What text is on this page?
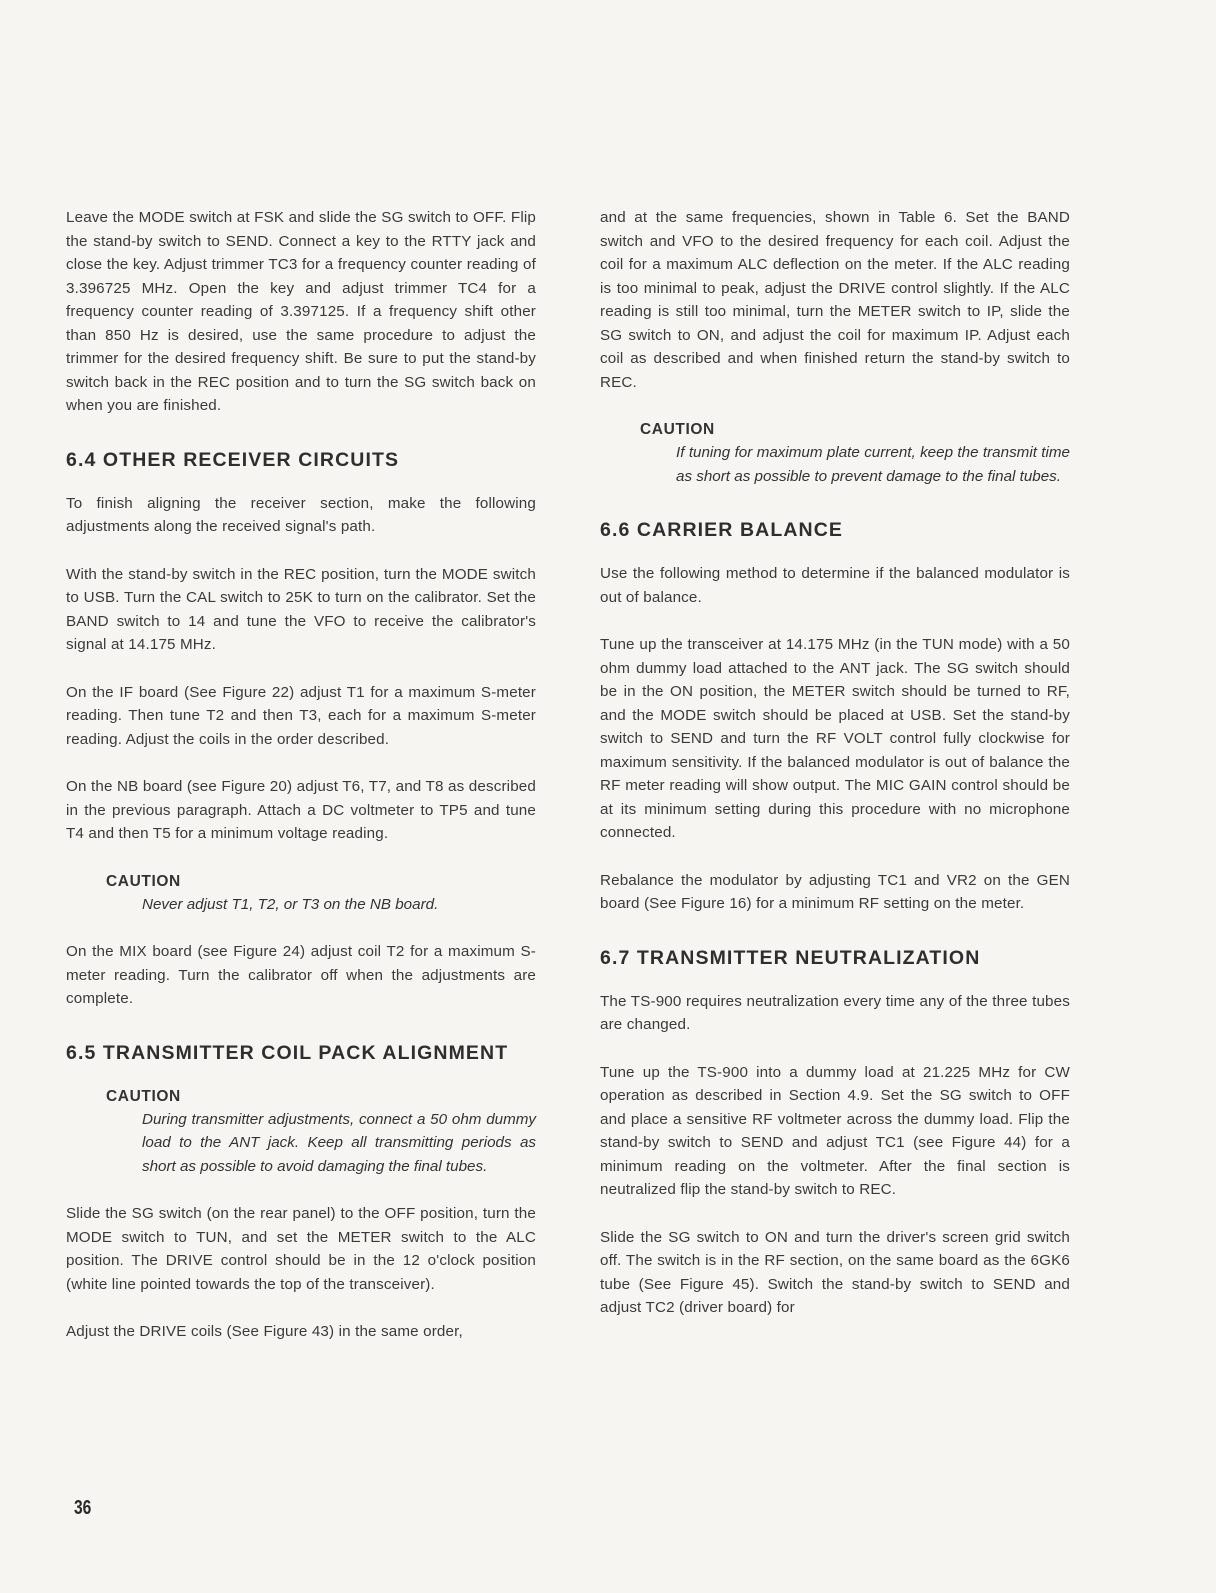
Leave the MODE switch at FSK and slide the SG switch to OFF. Flip the stand-by switch to SEND. Connect a key to the RTTY jack and close the key. Adjust trimmer TC3 for a frequency counter reading of 3.396725 MHz. Open the key and adjust trimmer TC4 for a frequency counter reading of 3.397125. If a frequency shift other than 850 Hz is desired, use the same procedure to adjust the trimmer for the desired frequency shift. Be sure to put the stand-by switch back in the REC position and to turn the SG switch back on when you are finished.

6.4 OTHER RECEIVER CIRCUITS

To finish aligning the receiver section, make the following adjustments along the received signal's path.

With the stand-by switch in the REC position, turn the MODE switch to USB. Turn the CAL switch to 25K to turn on the calibrator. Set the BAND switch to 14 and tune the VFO to receive the calibrator's signal at 14.175 MHz.

On the IF board (See Figure 22) adjust T1 for a maximum S-meter reading. Then tune T2 and then T3, each for a maximum S-meter reading. Adjust the coils in the order described.

On the NB board (see Figure 20) adjust T6, T7, and T8 as described in the previous paragraph. Attach a DC voltmeter to TP5 and tune T4 and then T5 for a minimum voltage reading.

CAUTION
Never adjust T1, T2, or T3 on the NB board.

On the MIX board (see Figure 24) adjust coil T2 for a maximum S-meter reading. Turn the calibrator off when the adjustments are complete.

6.5 TRANSMITTER COIL PACK ALIGNMENT
CAUTION
During transmitter adjustments, connect a 50 ohm dummy load to the ANT jack. Keep all transmitting periods as short as possible to avoid damaging the final tubes.

Slide the SG switch (on the rear panel) to the OFF position, turn the MODE switch to TUN, and set the METER switch to the ALC position. The DRIVE control should be in the 12 o'clock position (white line pointed towards the top of the transceiver).

Adjust the DRIVE coils (See Figure 43) in the same order,

and at the same frequencies, shown in Table 6. Set the BAND switch and VFO to the desired frequency for each coil. Adjust the coil for a maximum ALC deflection on the meter. If the ALC reading is too minimal to peak, adjust the DRIVE control slightly. If the ALC reading is still too minimal, turn the METER switch to IP, slide the SG switch to ON, and adjust the coil for maximum IP. Adjust each coil as described and when finished return the stand-by switch to REC.

CAUTION
If tuning for maximum plate current, keep the transmit time as short as possible to prevent damage to the final tubes.
6.6 CARRIER BALANCE

Use the following method to determine if the balanced modulator is out of balance.

Tune up the transceiver at 14.175 MHz (in the TUN mode) with a 50 ohm dummy load attached to the ANT jack. The SG switch should be in the ON position, the METER switch should be turned to RF, and the MODE switch should be placed at USB. Set the stand-by switch to SEND and turn the RF VOLT control fully clockwise for maximum sensitivity. If the balanced modulator is out of balance the RF meter reading will show output. The MIC GAIN control should be at its minimum setting during this procedure with no microphone connected.

Rebalance the modulator by adjusting TC1 and VR2 on the GEN board (See Figure 16) for a minimum RF setting on the meter.

6.7 TRANSMITTER NEUTRALIZATION

The TS-900 requires neutralization every time any of the three tubes are changed.

Tune up the TS-900 into a dummy load at 21.225 MHz for CW operation as described in Section 4.9. Set the SG switch to OFF and place a sensitive RF voltmeter across the dummy load. Flip the stand-by switch to SEND and adjust TC1 (see Figure 44) for a minimum reading on the voltmeter. After the final section is neutralized flip the stand-by switch to REC.

Slide the SG switch to ON and turn the driver's screen grid switch off. The switch is in the RF section, on the same board as the 6GK6 tube (See Figure 45). Switch the stand-by switch to SEND and adjust TC2 (driver board) for

36
